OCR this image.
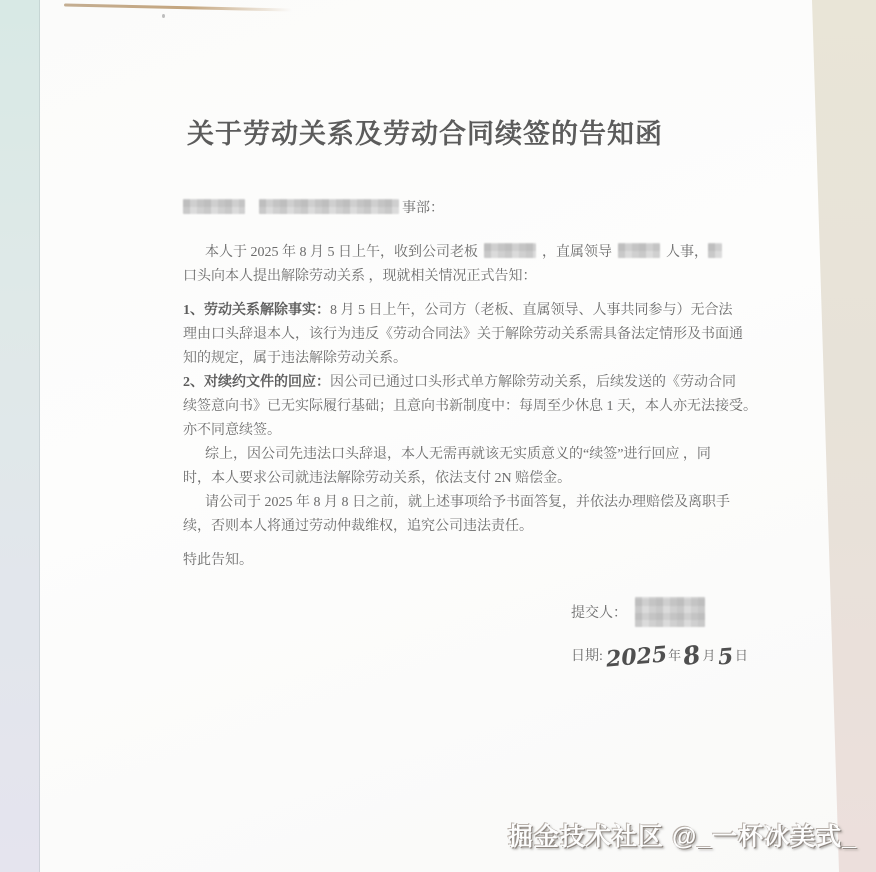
关于劳动关系及劳动合同续签的告知函
事部：
本人于 2025 年 8 月 5 日上午，收到公司老板	，直属领导	人事，
口头向本人提出解除劳动关系 ，现就相关情况正式告知：
1、劳动关系解除事实：8 月 5 日上午，公司方（老板、直属领导、人事共同参与）无合法
理由口头辞退本人，该行为违反《劳动合同法》关于解除劳动关系需具备法定情形及书面通
知的规定，属于违法解除劳动关系。
2、对续约文件的回应：因公司已通过口头形式单方解除劳动关系，后续发送的《劳动合同
续签意向书》已无实际履行基础；且意向书新制度中：每周至少休息 1 天，本人亦无法接受。
亦不同意续签。
综上，因公司先违法口头辞退，本人无需再就该无实质意义的“续签”进行回应 ，同
时，本人要求公司就违法解除劳动关系，依法支付 2N 赔偿金。
请公司于 2025 年 8 月 8 日之前，就上述事项给予书面答复，并依法办理赔偿及离职手
续，否则本人将通过劳动仲裁维权，追究公司违法责任。
特此告知。
提交人：
日期:2025年8月5日
掘金技术社区 @_一杯冰美式_
